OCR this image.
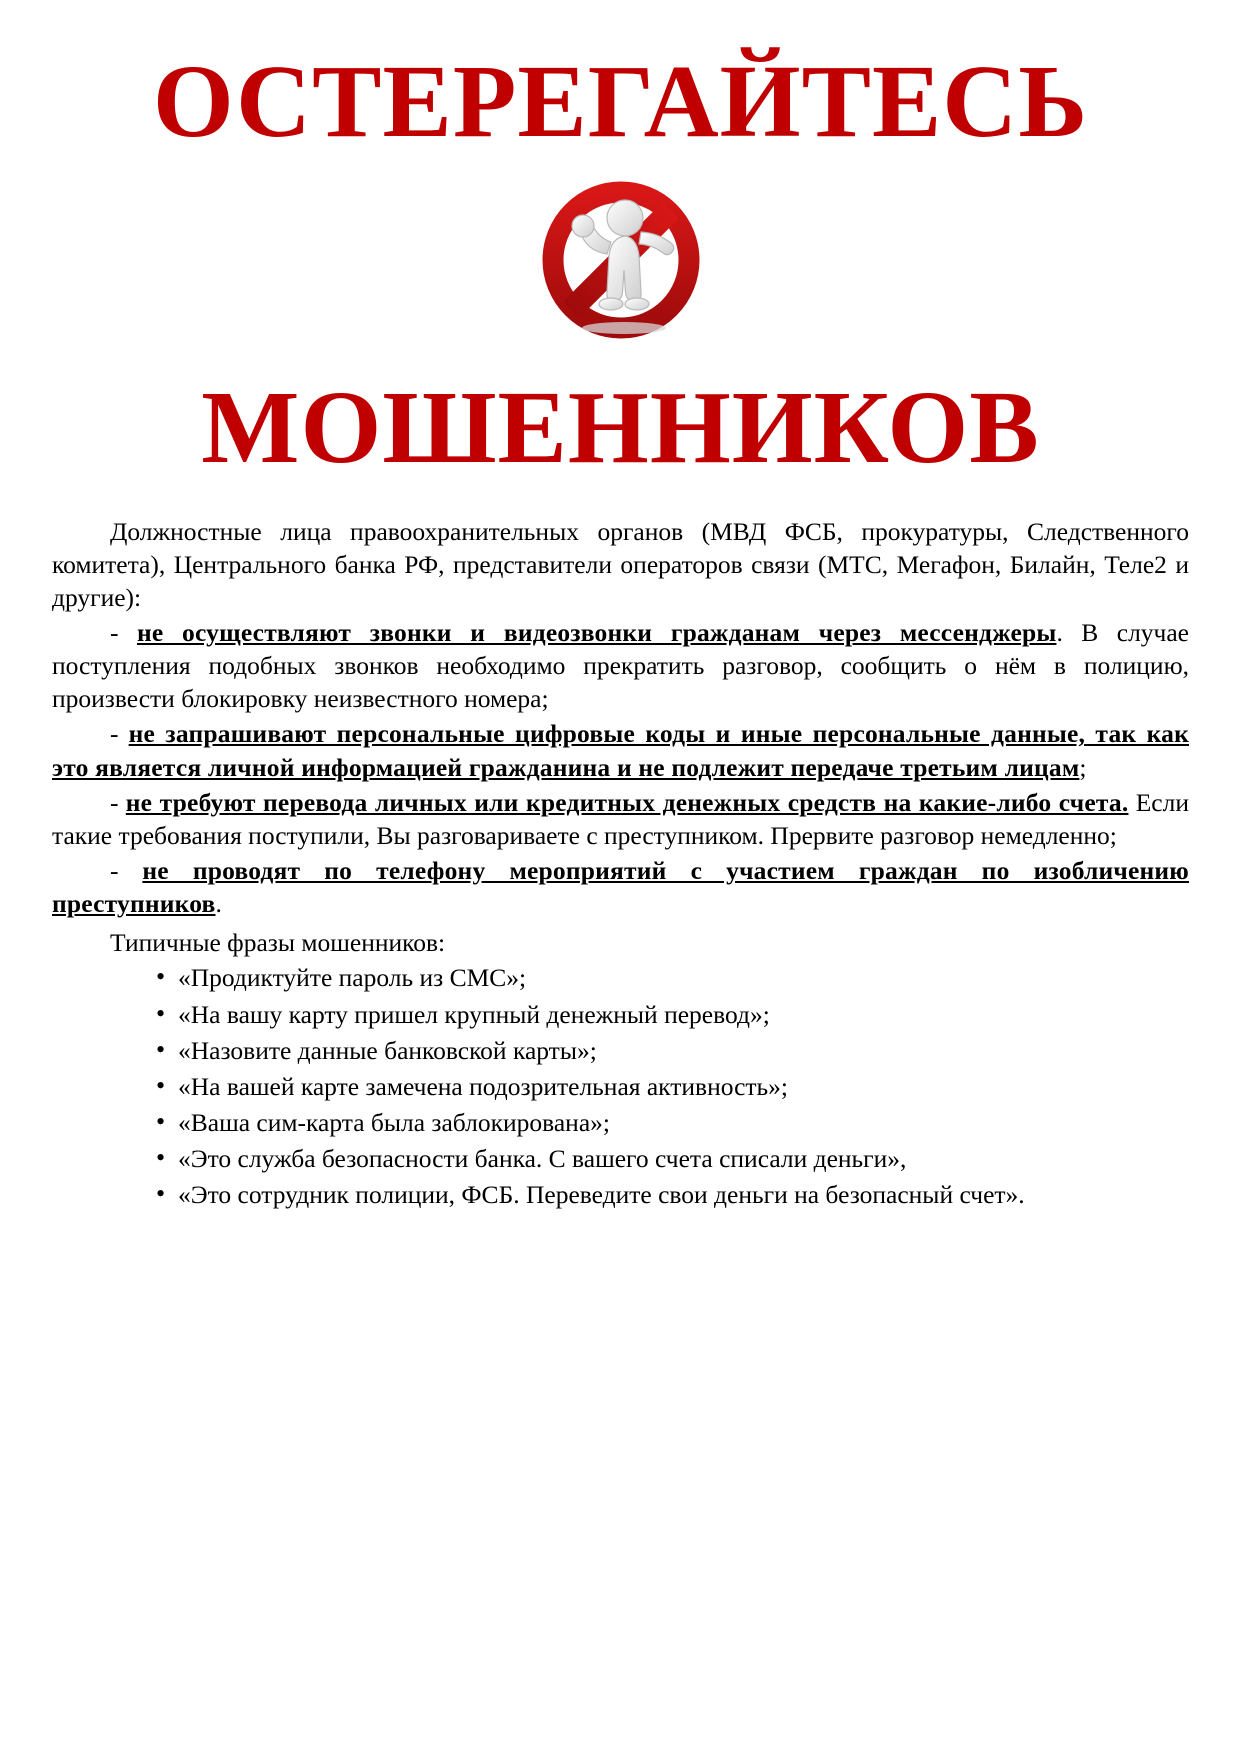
ОСТЕРЕГАЙТЕСЬ
МОШЕННИКОВ

Должностные лица правоохранительных органов (МВД ФСБ, прокуратуры, Следственного комитета), Центрального банка РФ, представители операторов связи (МТС, Мегафон, Билайн, Теле2 и другие):

- не осуществляют звонки и видеозвонки гражданам через мессенджеры. В случае поступления подобных звонков необходимо прекратить разговор, сообщить о нём в полицию, произвести блокировку неизвестного номера;

- не запрашивают персональные цифровые коды и иные персональные данные, так как это является личной информацией гражданина и не подлежит передаче третьим лицам;

- не требуют перевода личных или кредитных денежных средств на какие-либо счета. Если такие требования поступили, Вы разговариваете с преступником. Прервите разговор немедленно;

- не проводят по телефону мероприятий с участием граждан по изобличению преступников.

Типичные фразы мошенников:

• «Продиктуйте пароль из СМС»;
• «На вашу карту пришел крупный денежный перевод»;
• «Назовите данные банковской карты»;
• «На вашей карте замечена подозрительная активность»;
• «Ваша сим-карта была заблокирована»;
• «Это служба безопасности банка. С вашего счета списали деньги»,
• «Это сотрудник полиции, ФСБ. Переведите свои деньги на безопасный счет».
